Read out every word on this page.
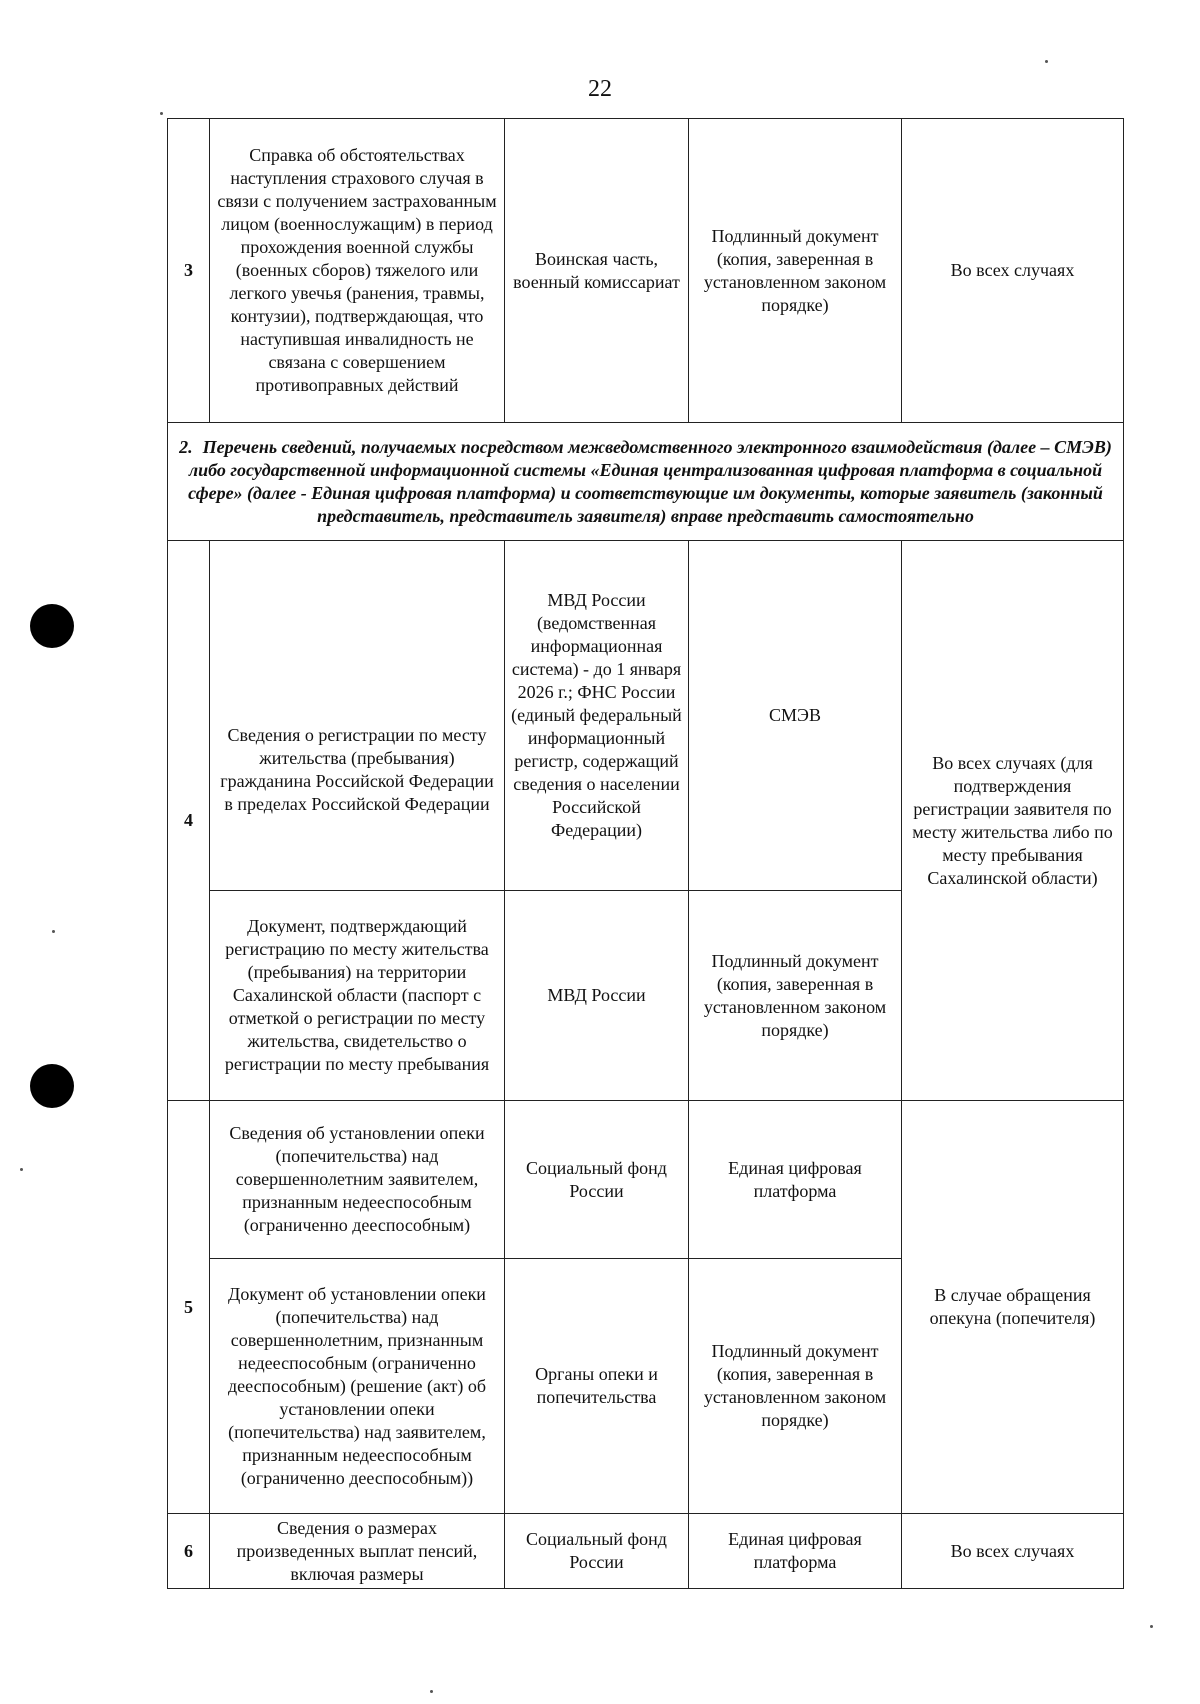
22
3	Справка об обстоятельствах наступления страхового случая в связи с получением застрахованным лицом (военнослужащим) в период прохождения военной службы (военных сборов) тяжелого или легкого увечья (ранения, травмы, контузии), подтверждающая, что наступившая инвалидность не связана с совершением противоправных действий	Воинская часть, военный комиссариат	Подлинный документ (копия, заверенная в установленном законом порядке)	Во всех случаях
2. Перечень сведений, получаемых посредством межведомственного электронного взаимодействия (далее – СМЭВ) либо государственной информационной системы «Единая централизованная цифровая платформа в социальной сфере» (далее - Единая цифровая платформа) и соответствующие им документы, которые заявитель (законный представитель, представитель заявителя) вправе представить самостоятельно				
4	Сведения о регистрации по месту жительства (пребывания) гражданина Российской Федерации в пределах Российской Федерации	МВД России (ведомственная информационная система) - до 1 января 2026 г.; ФНС России (единый федеральный информационный регистр, содержащий сведения о населении Российской Федерации)	СМЭВ	Во всех случаях (для подтверждения регистрации заявителя по месту жительства либо по месту пребывания Сахалинской области)
	Документ, подтверждающий регистрацию по месту жительства (пребывания) на территории Сахалинской области (паспорт с отметкой о регистрации по месту жительства, свидетельство о регистрации по месту пребывания	МВД России	Подлинный документ (копия, заверенная в установленном законом порядке)	
5	Сведения об установлении опеки (попечительства) над совершеннолетним заявителем, признанным недееспособным (ограниченно дееспособным)	Социальный фонд России	Единая цифровая платформа	В случае обращения опекуна (попечителя)
	Документ об установлении опеки (попечительства) над совершеннолетним, признанным недееспособным (ограниченно дееспособным) (решение (акт) об установлении опеки (попечительства) над заявителем, признанным недееспособным (ограниченно дееспособным))	Органы опеки и попечительства	Подлинный документ (копия, заверенная в установленном законом порядке)	
6	Сведения о размерах произведенных выплат пенсий, включая размеры	Социальный фонд России	Единая цифровая платформа	Во всех случаях
